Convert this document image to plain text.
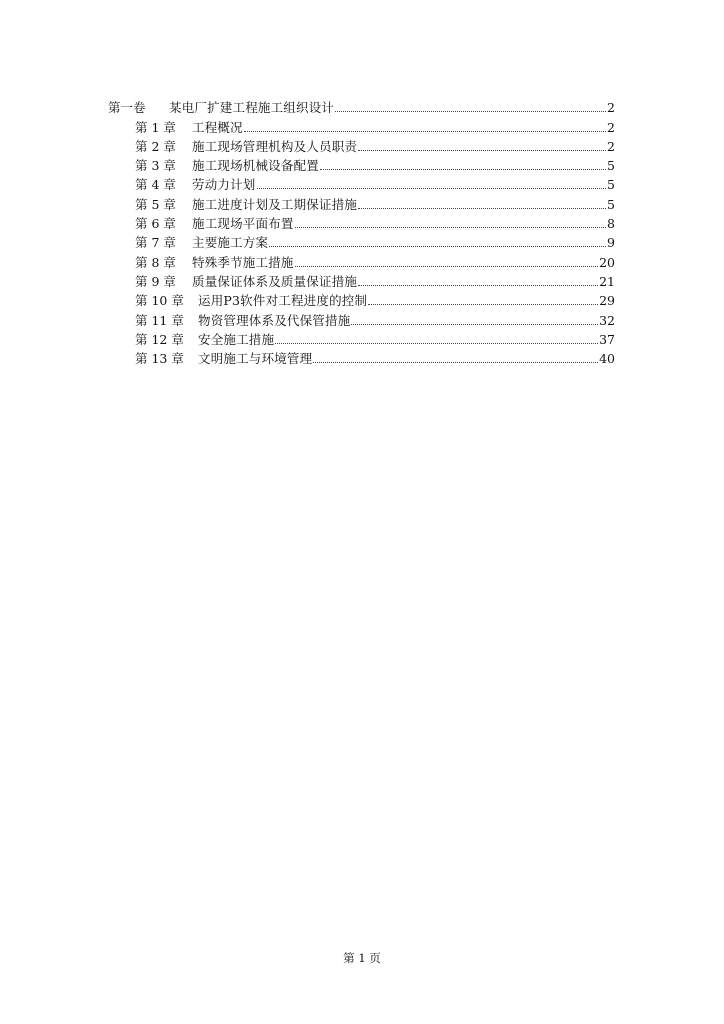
第一卷	某电厂扩建工程施工组织设计	2
第 1 章	工程概况	2
第 2 章	施工现场管理机构及人员职责	2
第 3 章	施工现场机械设备配置	5
第 4 章	劳动力计划	5
第 5 章	施工进度计划及工期保证措施	5
第 6 章	施工现场平面布置	8
第 7 章	主要施工方案	9
第 8 章	特殊季节施工措施	20
第 9 章	质量保证体系及质量保证措施	21
第 10 章	运用P3软件对工程进度的控制	29
第 11 章	物资管理体系及代保管措施	32
第 12 章	安全施工措施	37
第 13 章	文明施工与环境管理	40
第 1 页
